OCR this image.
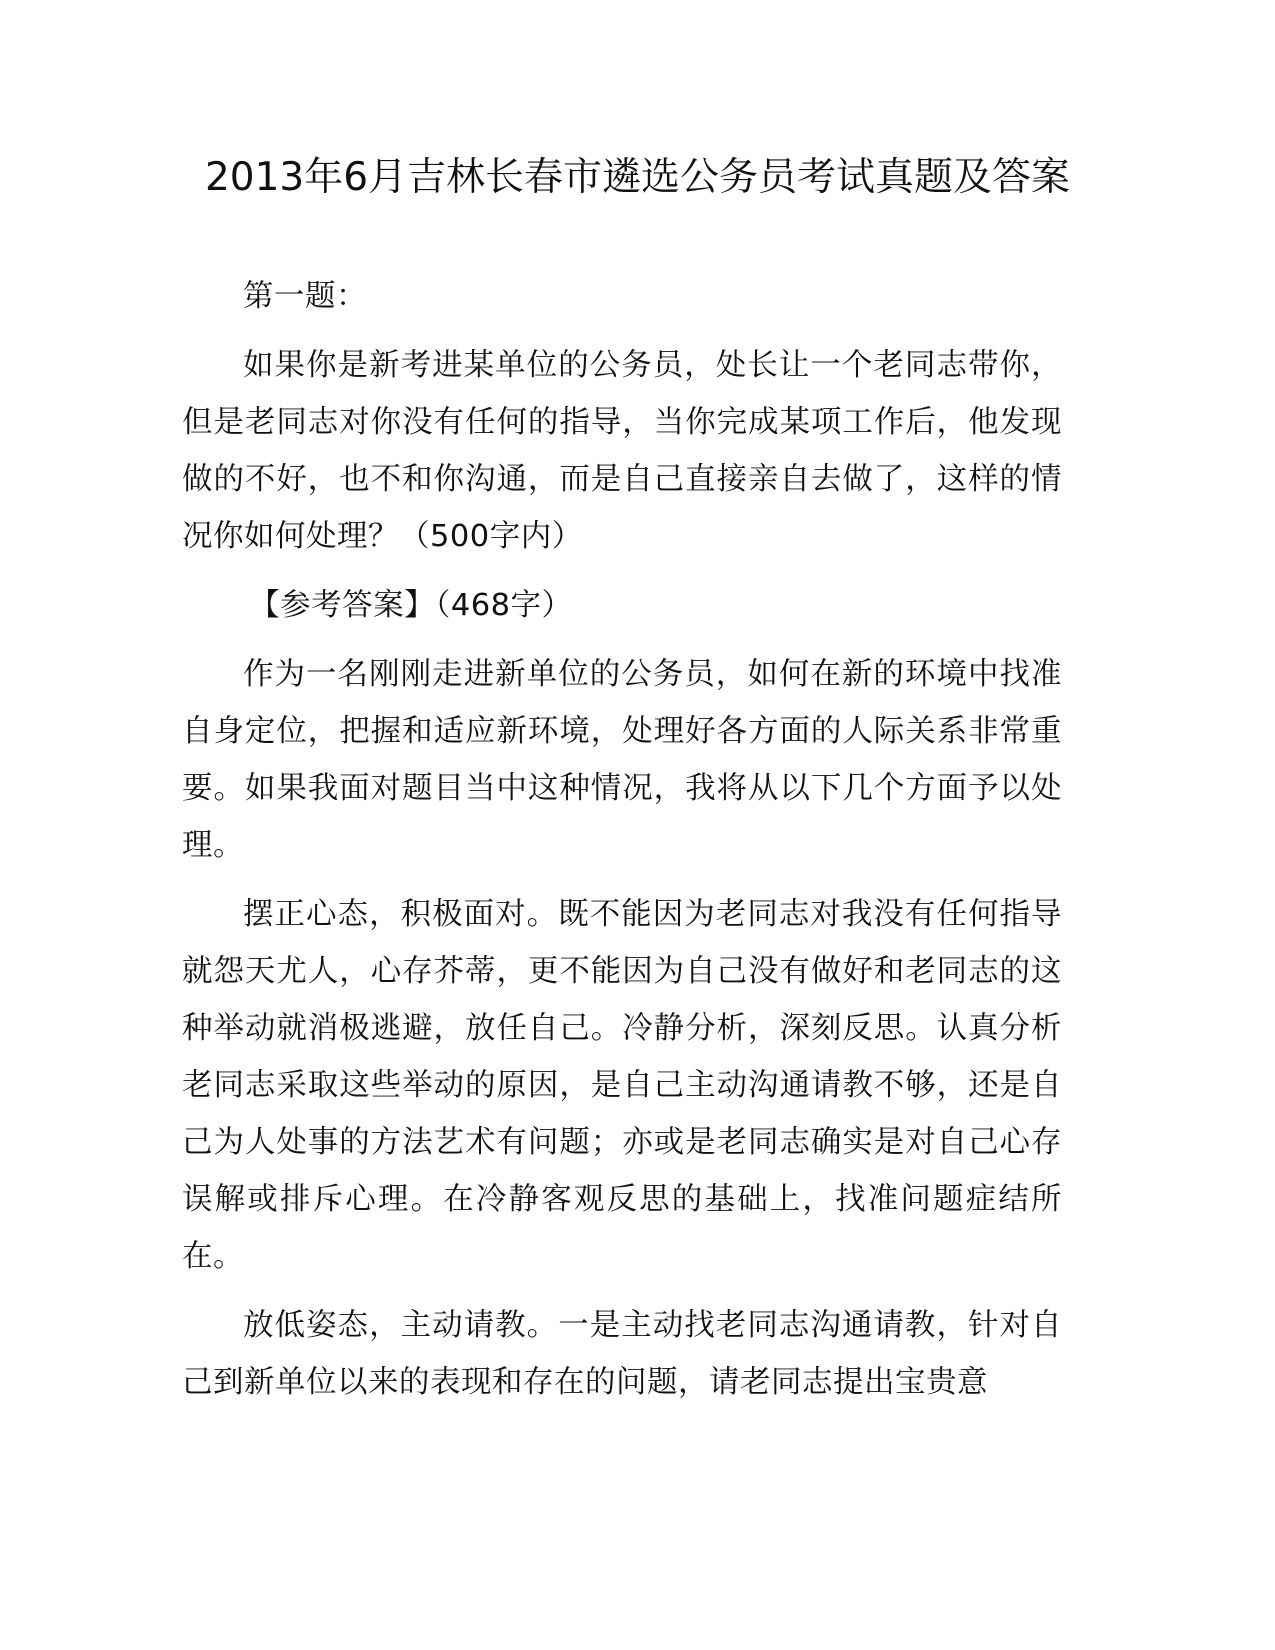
2013年6月吉林长春市遴选公务员考试真题及答案

第一题：

如果你是新考进某单位的公务员，处长让一个老同志带你，但是老同志对你没有任何的指导，当你完成某项工作后，他发现做的不好，也不和你沟通，而是自己直接亲自去做了，这样的情况你如何处理？（500字内）

【参考答案】（468字）

作为一名刚刚走进新单位的公务员，如何在新的环境中找准自身定位，把握和适应新环境，处理好各方面的人际关系非常重要。如果我面对题目当中这种情况，我将从以下几个方面予以处理。

摆正心态，积极面对。既不能因为老同志对我没有任何指导就怨天尤人，心存芥蒂，更不能因为自己没有做好和老同志的这种举动就消极逃避，放任自己。冷静分析，深刻反思。认真分析老同志采取这些举动的原因，是自己主动沟通请教不够，还是自己为人处事的方法艺术有问题；亦或是老同志确实是对自己心存误解或排斥心理。在冷静客观反思的基础上，找准问题症结所在。

放低姿态，主动请教。一是主动找老同志沟通请教，针对自己到新单位以来的表现和存在的问题，请老同志提出宝贵意
